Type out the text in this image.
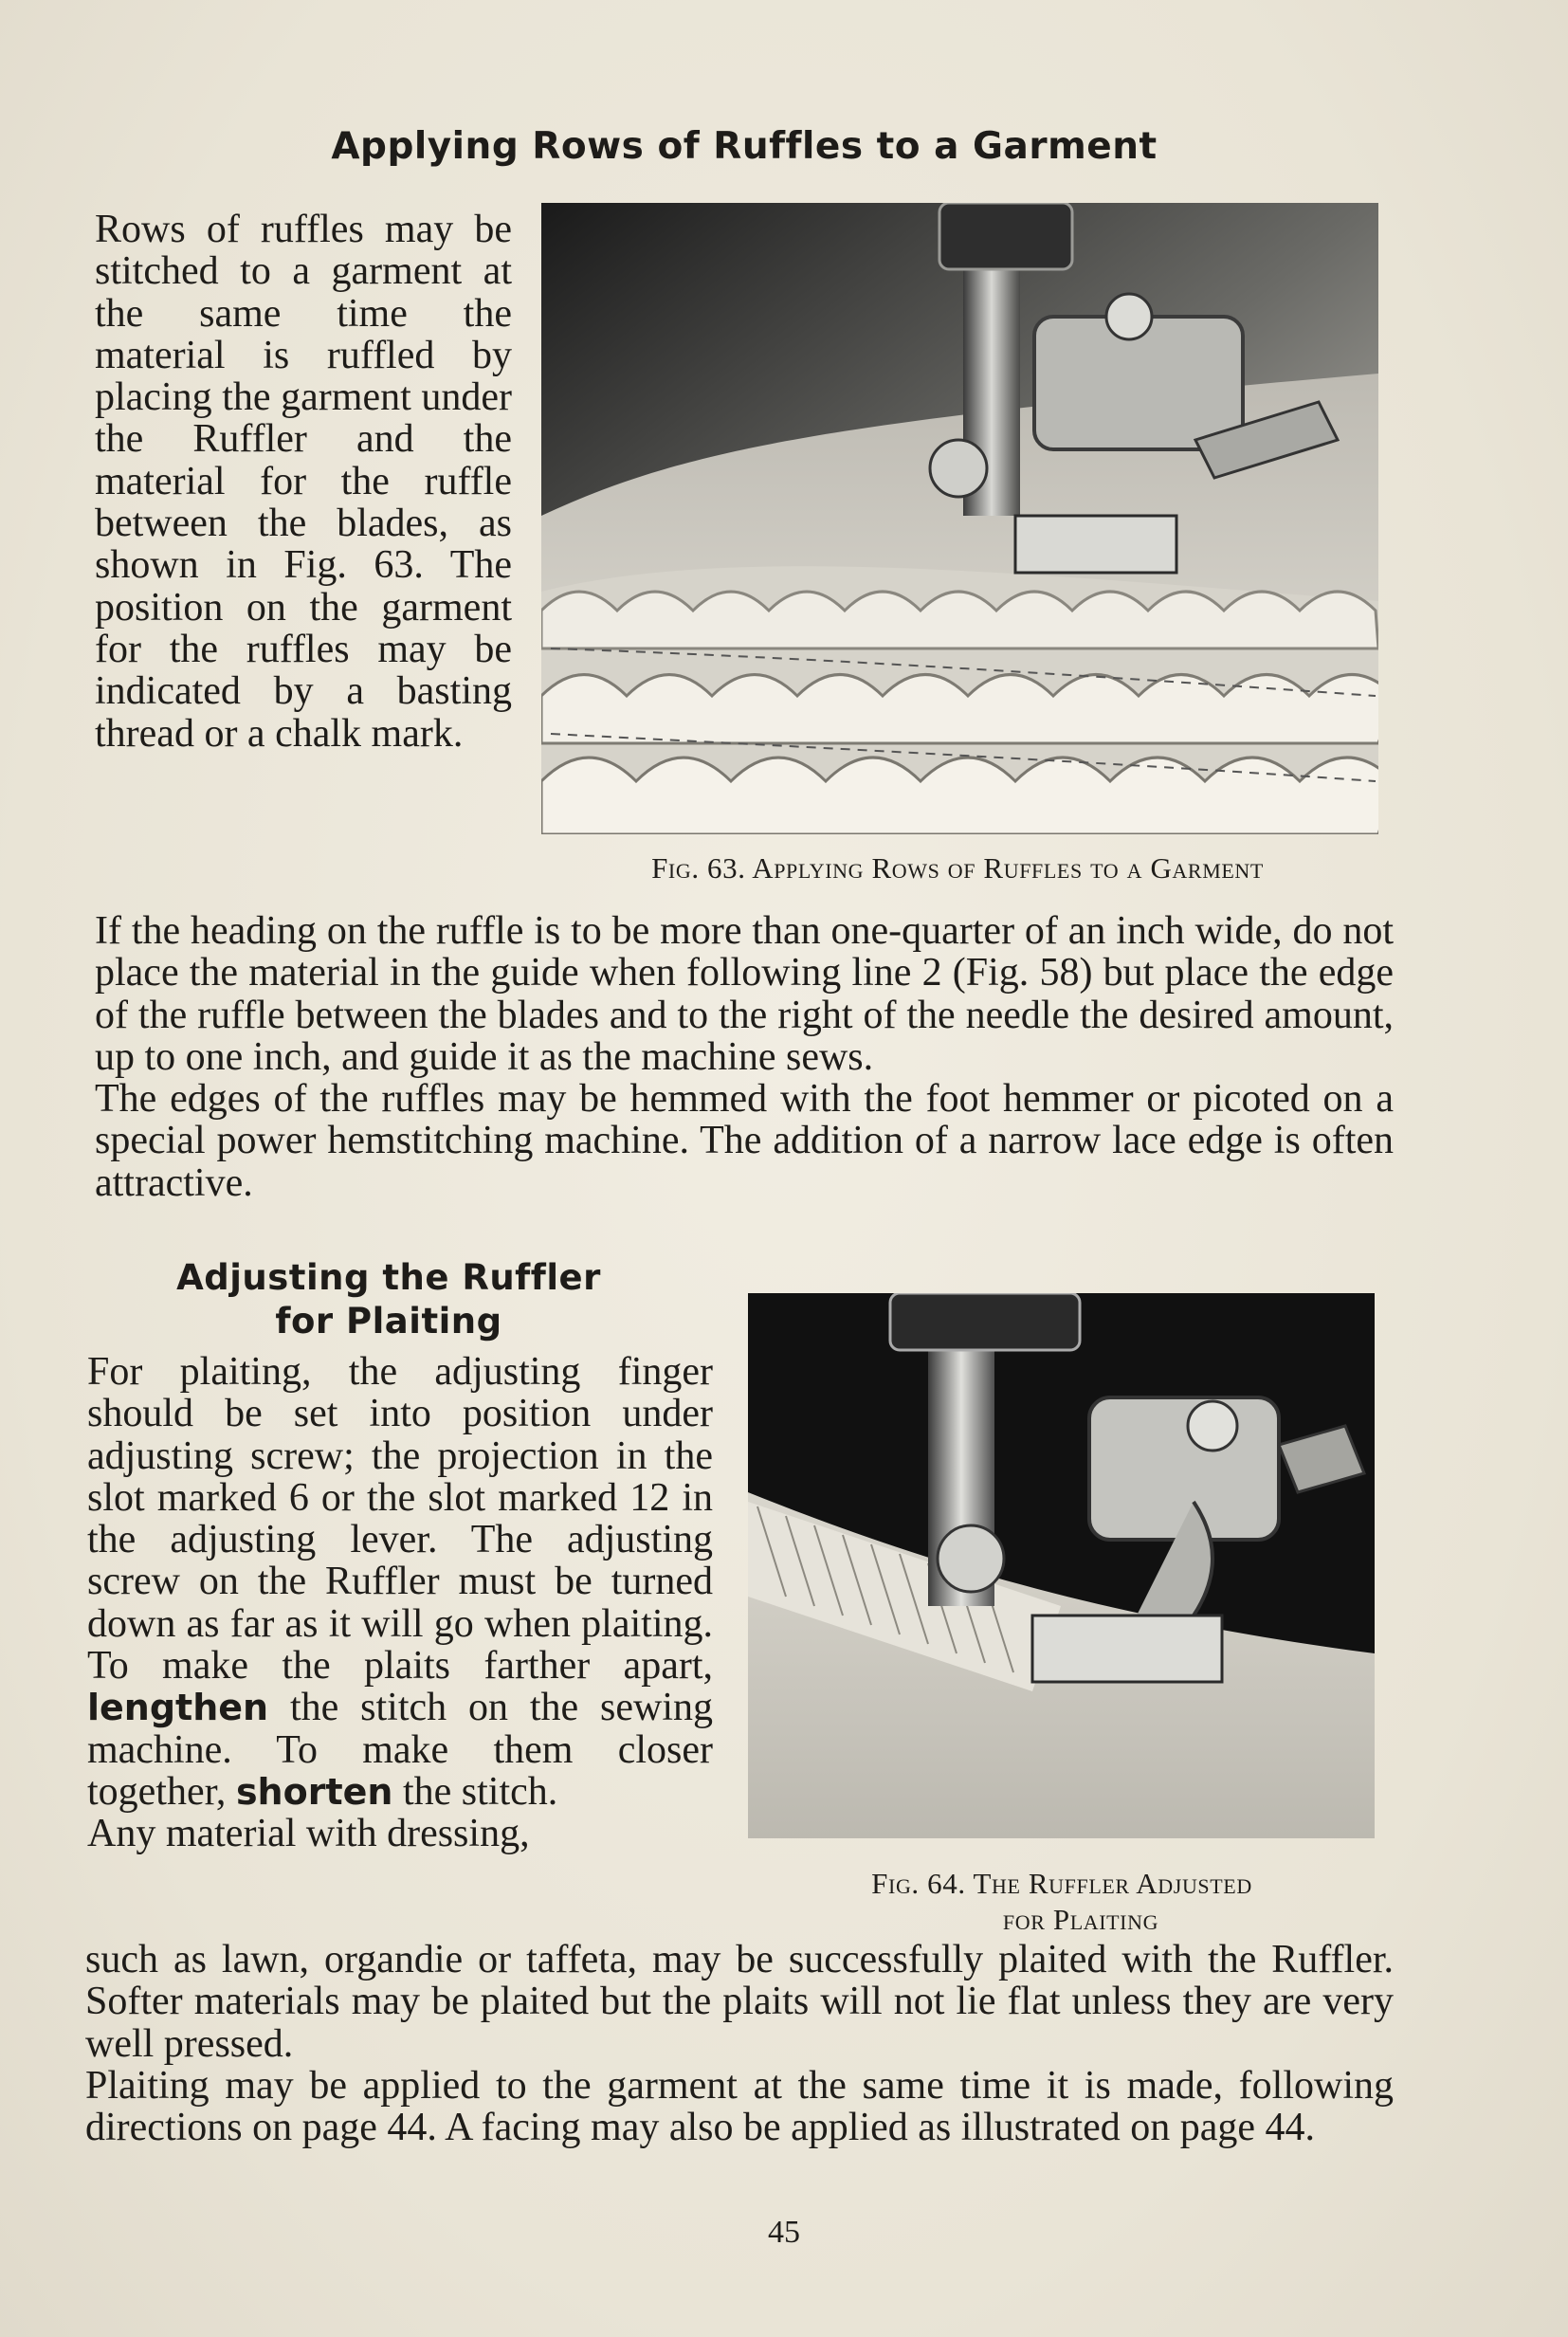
Applying Rows of Ruffles to a Garment

Rows of ruffles may be stitched to a garment at the same time the material is ruffled by placing the garment under the Ruffler and the material for the ruffle between the blades, as shown in Fig. 63. The position on the garment for the ruffles may be indicated by a basting thread or a chalk mark.

Fig. 63. Applying Rows of Ruffles to a Garment

If the heading on the ruffle is to be more than one-quarter of an inch wide, do not place the material in the guide when following line 2 (Fig. 58) but place the edge of the ruffle between the blades and to the right of the needle the desired amount, up to one inch, and guide it as the machine sews.

The edges of the ruffles may be hemmed with the foot hemmer or picoted on a special power hemstitching machine. The addition of a narrow lace edge is often attractive.

Adjusting the Ruffler
for Plaiting

For plaiting, the adjusting finger should be set into position under adjusting screw; the projection in the slot marked 6 or the slot marked 12 in the adjusting lever. The adjusting screw on the Ruffler must be turned down as far as it will go when plaiting. To make the plaits farther apart, lengthen the stitch on the sewing machine. To make them closer together, shorten the stitch.

Any material with dressing,

Fig. 64. The Ruffler Adjusted
for Plaiting

such as lawn, organdie or taffeta, may be successfully plaited with the Ruffler. Softer materials may be plaited but the plaits will not lie flat unless they are very well pressed.

Plaiting may be applied to the garment at the same time it is made, following directions on page 44. A facing may also be applied as illustrated on page 44.

45
